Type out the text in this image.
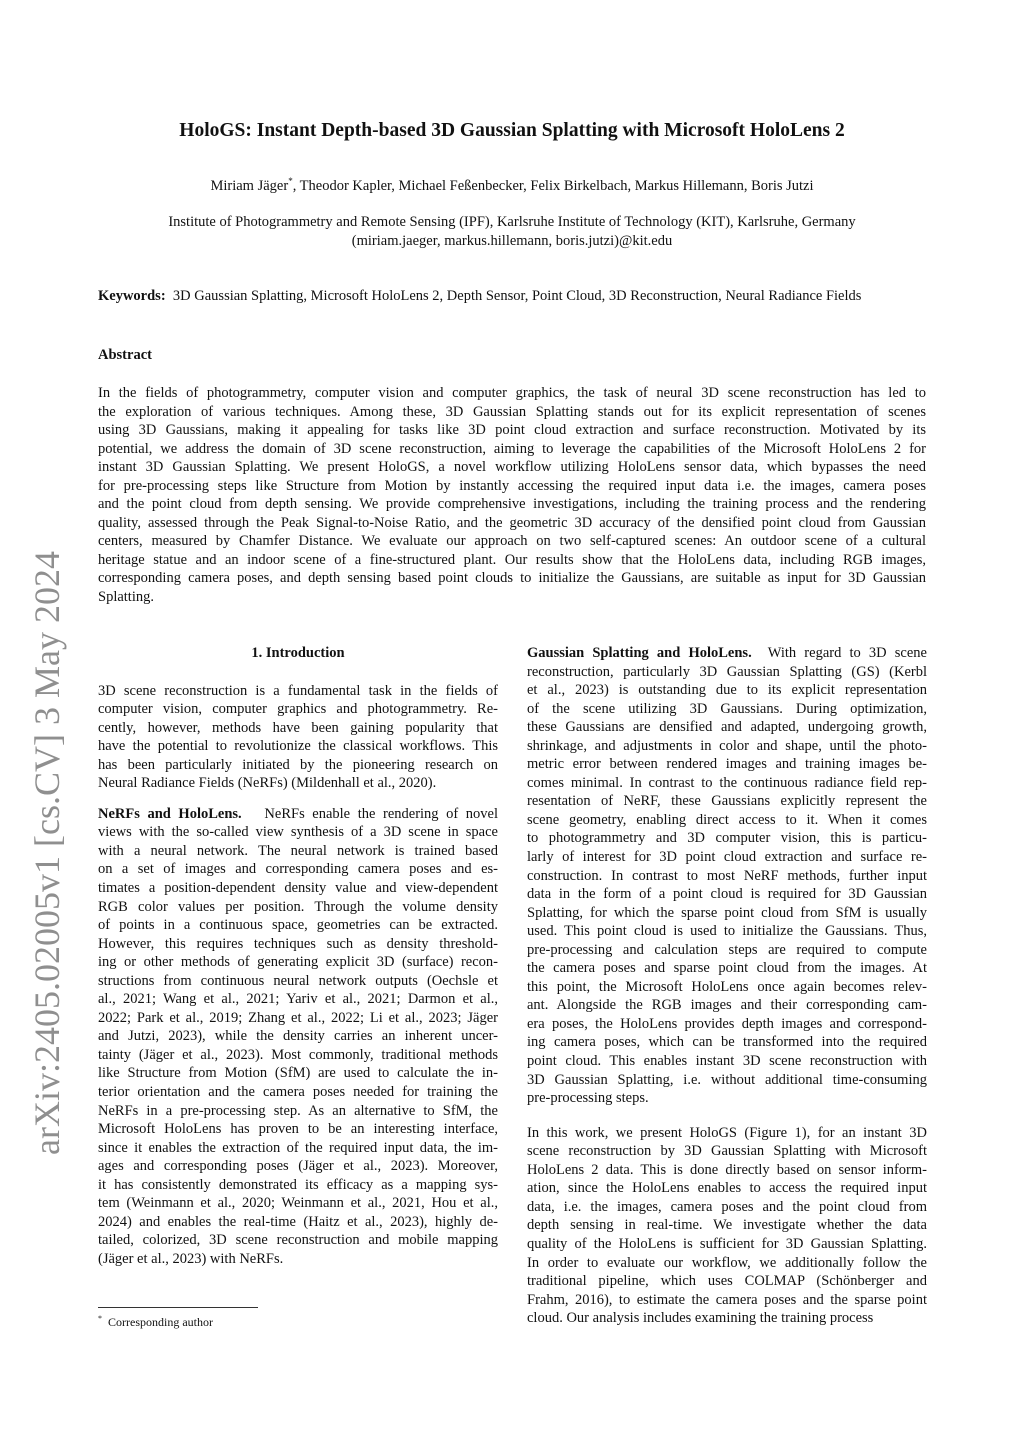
arXiv:2405.02005v1 [cs.CV] 3 May 2024
HoloGS: Instant Depth-based 3D Gaussian Splatting with Microsoft HoloLens 2
Miriam Jäger*, Theodor Kapler, Michael Feßenbecker, Felix Birkelbach, Markus Hillemann, Boris Jutzi
Institute of Photogrammetry and Remote Sensing (IPF), Karlsruhe Institute of Technology (KIT), Karlsruhe, Germany
(miriam.jaeger, markus.hillemann, boris.jutzi)@kit.edu
Keywords: 3D Gaussian Splatting, Microsoft HoloLens 2, Depth Sensor, Point Cloud, 3D Reconstruction, Neural Radiance Fields
Abstract
In the fields of photogrammetry, computer vision and computer graphics, the task of neural 3D scene reconstruction has led to
the exploration of various techniques. Among these, 3D Gaussian Splatting stands out for its explicit representation of scenes
using 3D Gaussians, making it appealing for tasks like 3D point cloud extraction and surface reconstruction. Motivated by its
potential, we address the domain of 3D scene reconstruction, aiming to leverage the capabilities of the Microsoft HoloLens 2 for
instant 3D Gaussian Splatting. We present HoloGS, a novel workflow utilizing HoloLens sensor data, which bypasses the need
for pre-processing steps like Structure from Motion by instantly accessing the required input data i.e. the images, camera poses
and the point cloud from depth sensing. We provide comprehensive investigations, including the training process and the rendering
quality, assessed through the Peak Signal-to-Noise Ratio, and the geometric 3D accuracy of the densified point cloud from Gaussian
centers, measured by Chamfer Distance. We evaluate our approach on two self-captured scenes: An outdoor scene of a cultural
heritage statue and an indoor scene of a fine-structured plant. Our results show that the HoloLens data, including RGB images,
corresponding camera poses, and depth sensing based point clouds to initialize the Gaussians, are suitable as input for 3D Gaussian
Splatting.
1. Introduction
3D scene reconstruction is a fundamental task in the fields of
computer vision, computer graphics and photogrammetry. Re-
cently, however, methods have been gaining popularity that
have the potential to revolutionize the classical workflows. This
has been particularly initiated by the pioneering research on
Neural Radiance Fields (NeRFs) (Mildenhall et al., 2020).
NeRFs and HoloLens. NeRFs enable the rendering of novel
views with the so-called view synthesis of a 3D scene in space
with a neural network. The neural network is trained based
on a set of images and corresponding camera poses and es-
timates a position-dependent density value and view-dependent
RGB color values per position. Through the volume density
of points in a continuous space, geometries can be extracted.
However, this requires techniques such as density threshold-
ing or other methods of generating explicit 3D (surface) recon-
structions from continuous neural network outputs (Oechsle et
al., 2021; Wang et al., 2021; Yariv et al., 2021; Darmon et al.,
2022; Park et al., 2019; Zhang et al., 2022; Li et al., 2023; Jäger
and Jutzi, 2023), while the density carries an inherent uncer-
tainty (Jäger et al., 2023). Most commonly, traditional methods
like Structure from Motion (SfM) are used to calculate the in-
terior orientation and the camera poses needed for training the
NeRFs in a pre-processing step. As an alternative to SfM, the
Microsoft HoloLens has proven to be an interesting interface,
since it enables the extraction of the required input data, the im-
ages and corresponding poses (Jäger et al., 2023). Moreover,
it has consistently demonstrated its efficacy as a mapping sys-
tem (Weinmann et al., 2020; Weinmann et al., 2021, Hou et al.,
2024) and enables the real-time (Haitz et al., 2023), highly de-
tailed, colorized, 3D scene reconstruction and mobile mapping
(Jäger et al., 2023) with NeRFs.
Gaussian Splatting and HoloLens. With regard to 3D scene
reconstruction, particularly 3D Gaussian Splatting (GS) (Kerbl
et al., 2023) is outstanding due to its explicit representation
of the scene utilizing 3D Gaussians. During optimization,
these Gaussians are densified and adapted, undergoing growth,
shrinkage, and adjustments in color and shape, until the photo-
metric error between rendered images and training images be-
comes minimal. In contrast to the continuous radiance field rep-
resentation of NeRF, these Gaussians explicitly represent the
scene geometry, enabling direct access to it. When it comes
to photogrammetry and 3D computer vision, this is particu-
larly of interest for 3D point cloud extraction and surface re-
construction. In contrast to most NeRF methods, further input
data in the form of a point cloud is required for 3D Gaussian
Splatting, for which the sparse point cloud from SfM is usually
used. This point cloud is used to initialize the Gaussians. Thus,
pre-processing and calculation steps are required to compute
the camera poses and sparse point cloud from the images. At
this point, the Microsoft HoloLens once again becomes relev-
ant. Alongside the RGB images and their corresponding cam-
era poses, the HoloLens provides depth images and correspond-
ing camera poses, which can be transformed into the required
point cloud. This enables instant 3D scene reconstruction with
3D Gaussian Splatting, i.e. without additional time-consuming
pre-processing steps.
In this work, we present HoloGS (Figure 1), for an instant 3D
scene reconstruction by 3D Gaussian Splatting with Microsoft
HoloLens 2 data. This is done directly based on sensor inform-
ation, since the HoloLens enables to access the required input
data, i.e. the images, camera poses and the point cloud from
depth sensing in real-time. We investigate whether the data
quality of the HoloLens is sufficient for 3D Gaussian Splatting.
In order to evaluate our workflow, we additionally follow the
traditional pipeline, which uses COLMAP (Schönberger and
Frahm, 2016), to estimate the camera poses and the sparse point
cloud. Our analysis includes examining the training process
* Corresponding author
